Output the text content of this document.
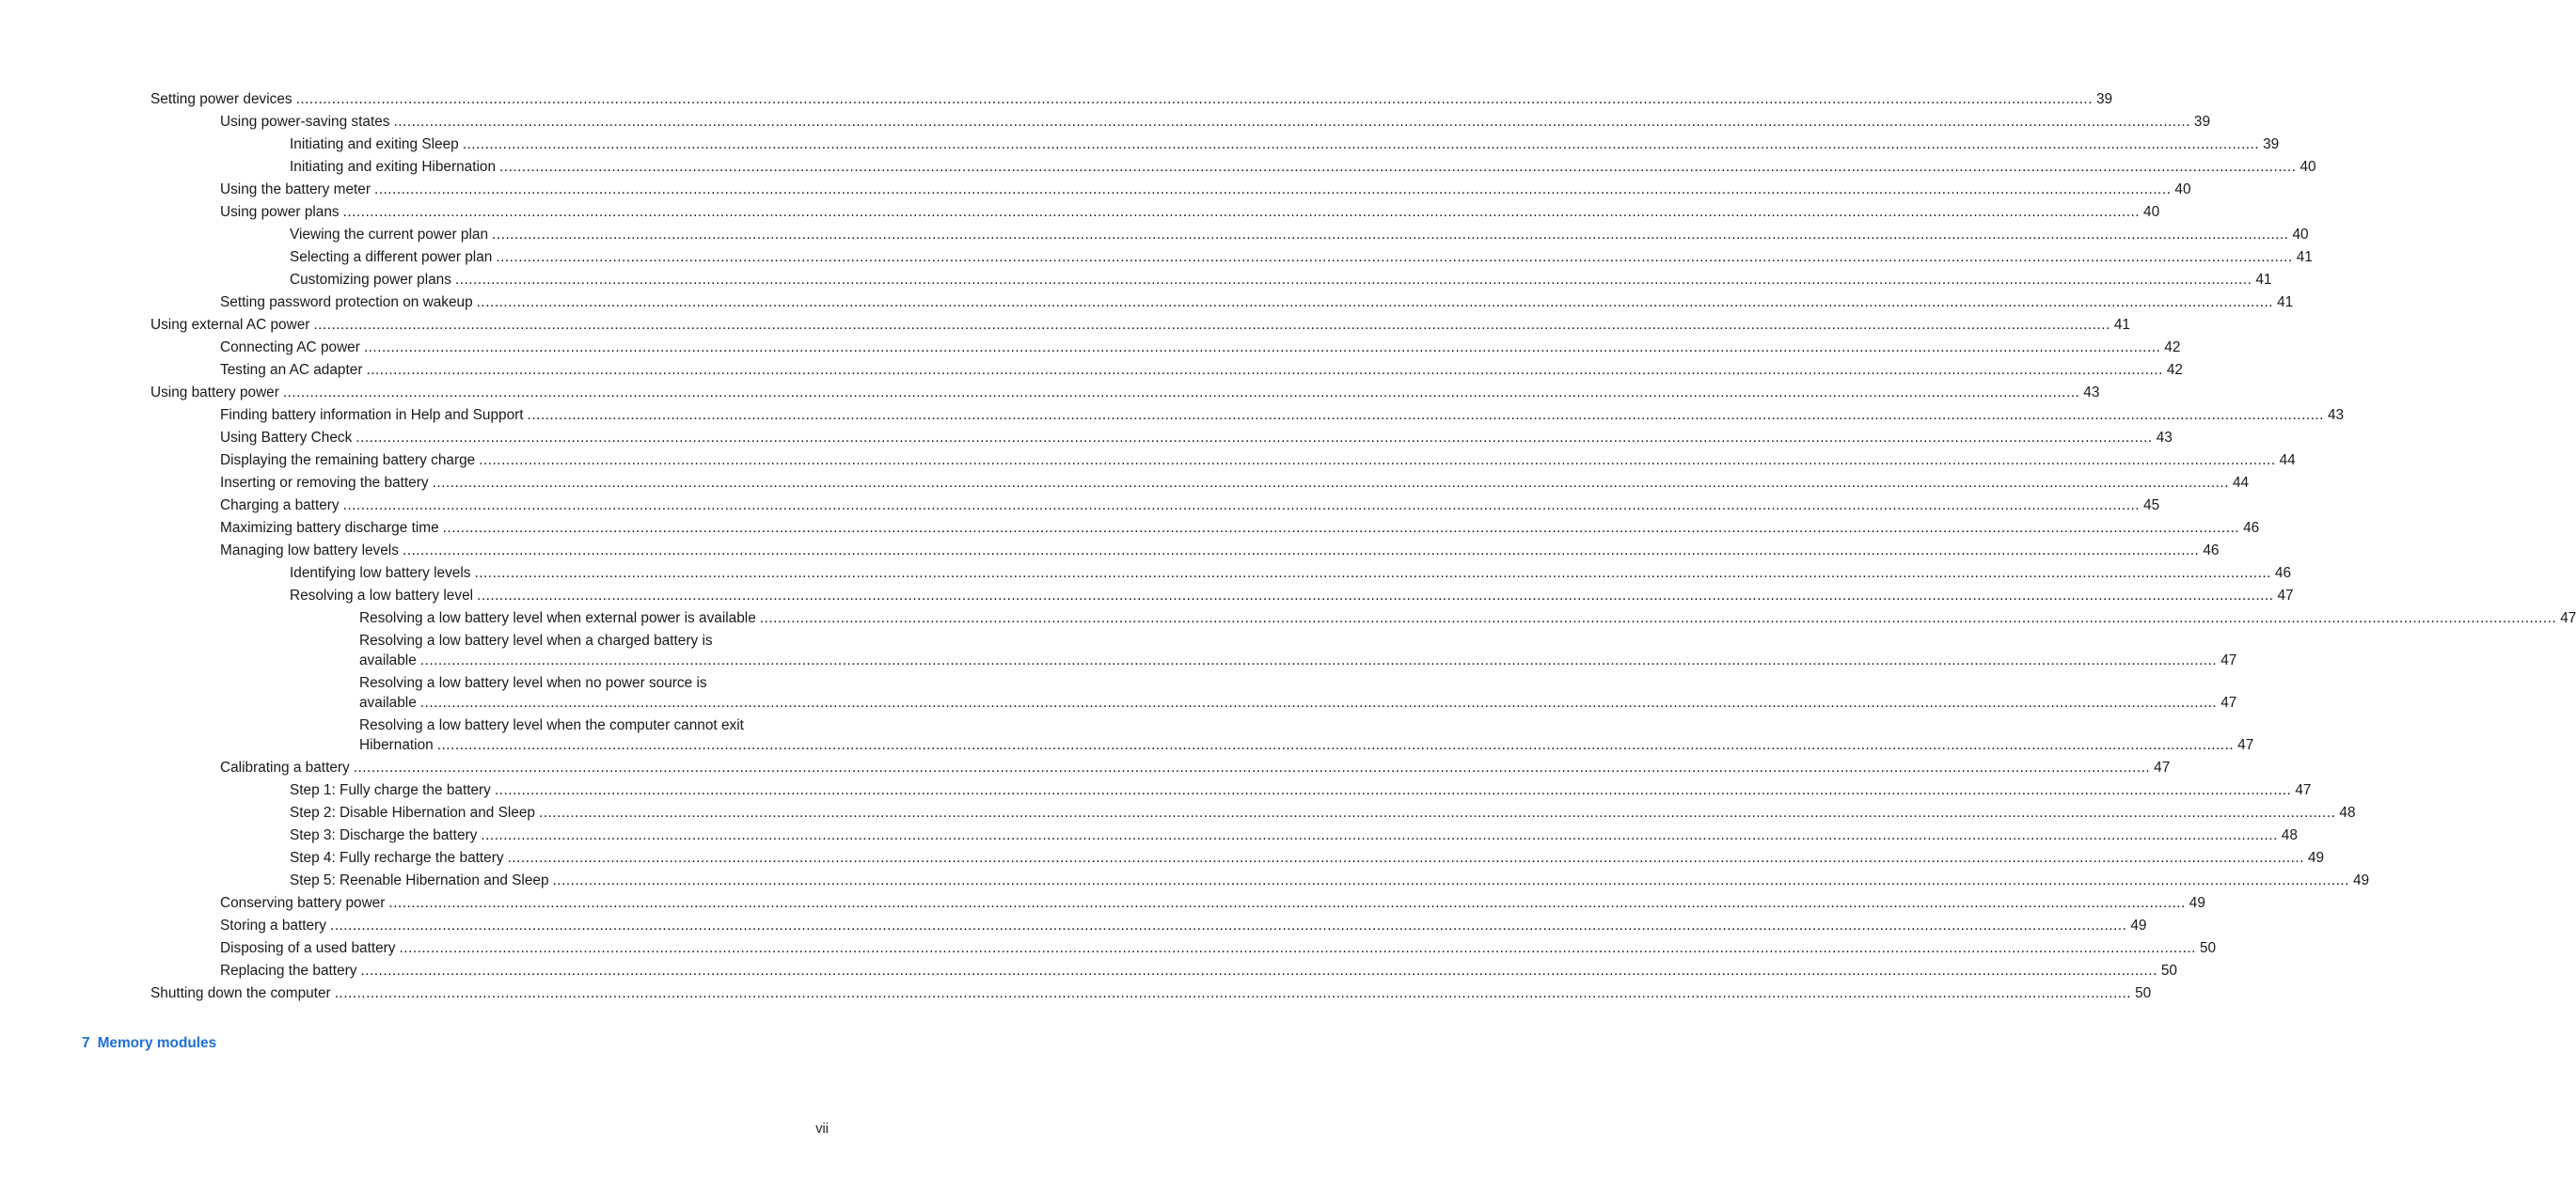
Setting power devices ................................................................................................................................................................................................................................................................................................................................................................................................................ 39
Using power-saving states ................................................................................................................................................................................................................................................................................................................................................................................................................ 39
Initiating and exiting Sleep ................................................................................................................................................................................................................................................................................................................................................................................................................ 39
Initiating and exiting Hibernation ................................................................................................................................................................................................................................................................................................................................................................................................................ 40
Using the battery meter ................................................................................................................................................................................................................................................................................................................................................................................................................ 40
Using power plans ................................................................................................................................................................................................................................................................................................................................................................................................................ 40
Viewing the current power plan ................................................................................................................................................................................................................................................................................................................................................................................................................ 40
Selecting a different power plan ................................................................................................................................................................................................................................................................................................................................................................................................................ 41
Customizing power plans ................................................................................................................................................................................................................................................................................................................................................................................................................ 41
Setting password protection on wakeup ................................................................................................................................................................................................................................................................................................................................................................................................................ 41
Using external AC power ................................................................................................................................................................................................................................................................................................................................................................................................................ 41
Connecting AC power ................................................................................................................................................................................................................................................................................................................................................................................................................ 42
Testing an AC adapter ................................................................................................................................................................................................................................................................................................................................................................................................................ 42
Using battery power ................................................................................................................................................................................................................................................................................................................................................................................................................ 43
Finding battery information in Help and Support ................................................................................................................................................................................................................................................................................................................................................................................................................ 43
Using Battery Check ................................................................................................................................................................................................................................................................................................................................................................................................................ 43
Displaying the remaining battery charge ................................................................................................................................................................................................................................................................................................................................................................................................................ 44
Inserting or removing the battery ................................................................................................................................................................................................................................................................................................................................................................................................................ 44
Charging a battery ................................................................................................................................................................................................................................................................................................................................................................................................................ 45
Maximizing battery discharge time ................................................................................................................................................................................................................................................................................................................................................................................................................ 46
Managing low battery levels ................................................................................................................................................................................................................................................................................................................................................................................................................ 46
Identifying low battery levels ................................................................................................................................................................................................................................................................................................................................................................................................................ 46
Resolving a low battery level ................................................................................................................................................................................................................................................................................................................................................................................................................ 47
Resolving a low battery level when external power is available ................................................................................................................................................................................................................................................................................................................................................................................................................ 47
Resolving a low battery level when a charged battery is
available ................................................................................................................................................................................................................................................................................................................................................................................................................ 47
Resolving a low battery level when no power source is
available ................................................................................................................................................................................................................................................................................................................................................................................................................ 47
Resolving a low battery level when the computer cannot exit
Hibernation ................................................................................................................................................................................................................................................................................................................................................................................................................ 47
Calibrating a battery ................................................................................................................................................................................................................................................................................................................................................................................................................ 47
Step 1: Fully charge the battery ................................................................................................................................................................................................................................................................................................................................................................................................................ 47
Step 2: Disable Hibernation and Sleep ................................................................................................................................................................................................................................................................................................................................................................................................................ 48
Step 3: Discharge the battery ................................................................................................................................................................................................................................................................................................................................................................................................................ 48
Step 4: Fully recharge the battery ................................................................................................................................................................................................................................................................................................................................................................................................................ 49
Step 5: Reenable Hibernation and Sleep ................................................................................................................................................................................................................................................................................................................................................................................................................ 49
Conserving battery power ................................................................................................................................................................................................................................................................................................................................................................................................................ 49
Storing a battery ................................................................................................................................................................................................................................................................................................................................................................................................................ 49
Disposing of a used battery ................................................................................................................................................................................................................................................................................................................................................................................................................ 50
Replacing the battery ................................................................................................................................................................................................................................................................................................................................................................................................................ 50
Shutting down the computer ................................................................................................................................................................................................................................................................................................................................................................................................................ 50
7 Memory modules
vii
